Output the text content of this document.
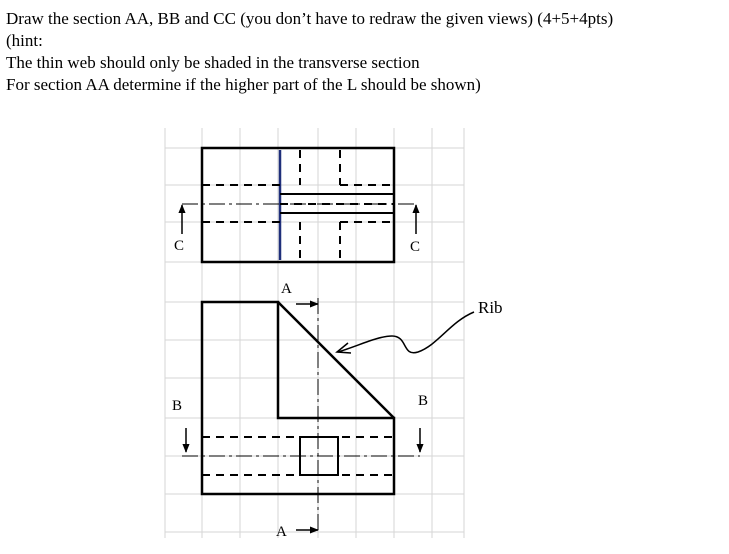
Draw the section AA, BB and CC (you don’t have to redraw the given views) (4+5+4pts)
(hint:
The thin web should only be shaded in the transverse section
For section AA determine if the higher part of the L should be shown)
C	C
A
A
B	B
Rib
